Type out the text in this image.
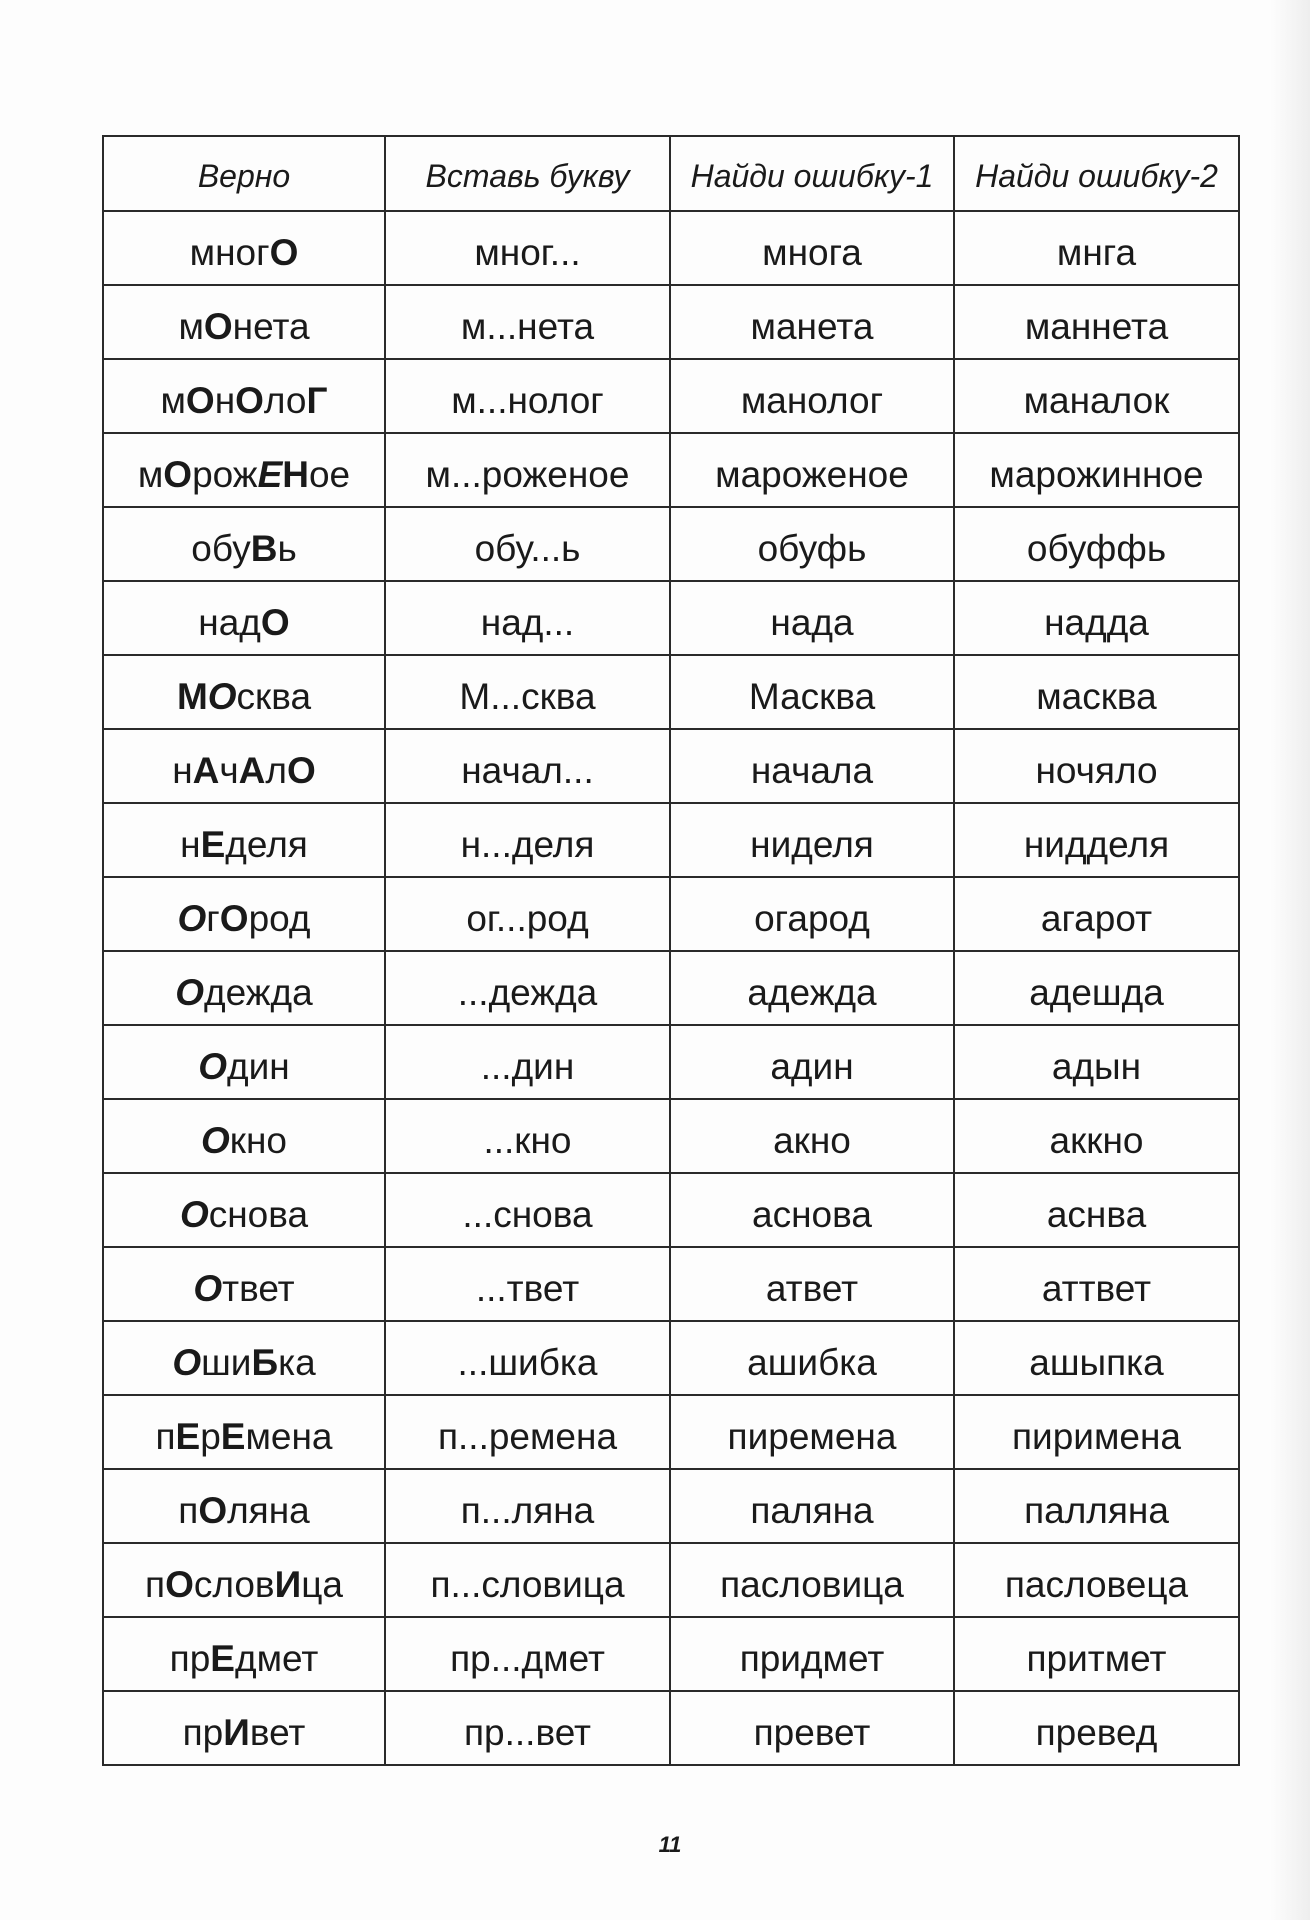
Верно	Вставь букву	Найди ошибку-1	Найди ошибку-2
многО	мног...	многа	мнга
мОнета	м...нета	манета	маннета
мОнОлоГ	м...нолог	манолог	маналок
мОрожЕНое	м...роженое	мароженое	марожинное
обуВь	обу...ь	обуфь	обуффь
надО	над...	нада	надда
МОсква	М...сква	Масква	масква
нАчАлО	начал...	начала	ночяло
нЕделя	н...деля	ниделя	нидделя
ОгОрод	ог...род	огарод	агарот
Одежда	...дежда	адежда	адешда
Один	...дин	адин	адын
Окно	...кно	акно	аккно
Основа	...снова	аснова	аснва
Ответ	...твет	атвет	аттвет
ОшиБка	...шибка	ашибка	ашыпка
пЕрЕмена	п...ремена	пиремена	пиримена
пОляна	п...ляна	паляна	палляна
пОсловИца	п...словица	пасловица	пасловеца
прЕдмет	пр...дмет	придмет	притмет
прИвет	пр...вет	превет	превед
11
